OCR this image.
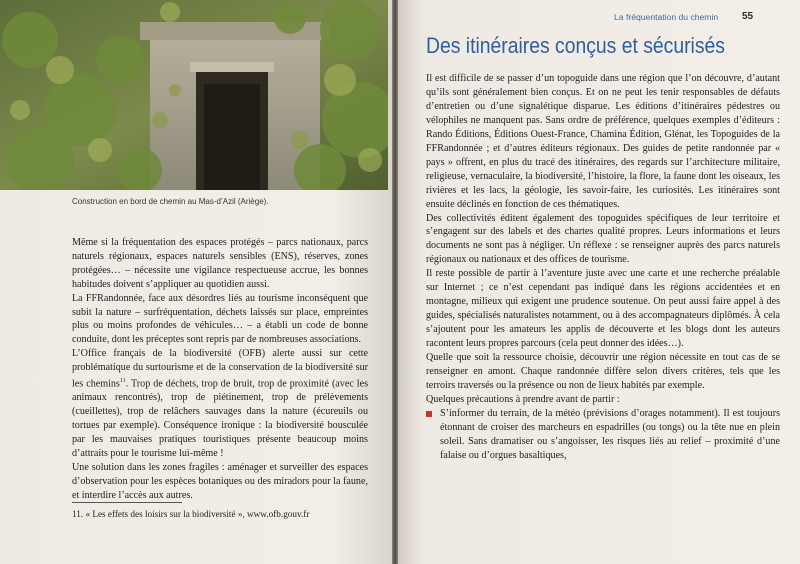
Construction en bord de chemin au Mas-d’Azil (Ariège).

Même si la fréquentation des espaces protégés – parcs nationaux, parcs naturels régionaux, espaces naturels sensibles (ENS), réserves, zones protégées… – nécessite une vigilance respectueuse accrue, les bonnes habitudes doivent s’appliquer au quotidien aussi.

La FFRandonnée, face aux désordres liés au tourisme inconséquent que subit la nature – surfréquentation, déchets laissés sur place, empreintes plus ou moins profondes de véhicules… – a établi un code de bonne conduite, dont les préceptes sont repris par de nombreuses associations.

L’Office français de la biodiversité (OFB) alerte aussi sur cette problématique du surtourisme et de la conservation de la biodiversité sur les chemins$^{11}$. Trop de déchets, trop de bruit, trop de proximité (avec les animaux rencontrés), trop de piétinement, trop de prélèvements (cueillettes), trop de relâchers sauvages dans la nature (écureuils ou tortues par exemple). Conséquence ironique : la biodiversité bousculée par les mauvaises pratiques touristiques présente beaucoup moins d’attraits pour le tourisme lui-même !

Une solution dans les zones fragiles : aménager et surveiller des espaces d’observation pour les espèces botaniques ou des miradors pour la faune, et interdire l’accès aux autres.

11. « Les effets des loisirs sur la biodiversité », www.ofb.gouv.fr
La fréquentation du chemin 55
Des itinéraires conçus et sécurisés

Il est difficile de se passer d’un topoguide dans une région que l’on découvre, d’autant qu’ils sont généralement bien conçus. Et on ne peut les tenir responsables de défauts d’entretien ou d’une signalétique disparue. Les éditions d’itinéraires pédestres ou vélophiles ne manquent pas. Sans ordre de préférence, quelques exemples d’éditeurs : Rando Éditions, Éditions Ouest-France, Chamina Édition, Glénat, les Topoguides de la FFRandonnée ; et d’autres éditeurs régionaux. Des guides de petite randonnée par « pays » offrent, en plus du tracé des itinéraires, des regards sur l’architecture militaire, religieuse, vernaculaire, la biodiversité, l’histoire, la flore, la faune dont les oiseaux, les rivières et les lacs, la géologie, les savoir-faire, les curiosités. Les itinéraires sont ensuite déclinés en fonction de ces thématiques.

Des collectivités éditent également des topoguides spécifiques de leur territoire et s’engagent sur des labels et des chartes qualité propres. Leurs informations et leurs documents ne sont pas à négliger. Un réflexe : se renseigner auprès des parcs naturels régionaux ou nationaux et des offices de tourisme.

Il reste possible de partir à l’aventure juste avec une carte et une recherche préalable sur Internet ; ce n’est cependant pas indiqué dans les régions accidentées et en montagne, milieux qui exigent une prudence soutenue. On peut aussi faire appel à des guides, spécialisés naturalistes notamment, ou à des accompagnateurs diplômés. À cela s’ajoutent pour les amateurs les applis de découverte et les blogs dont les auteurs racontent leurs propres parcours (cela peut donner des idées…).

Quelle que soit la ressource choisie, découvrir une région nécessite en tout cas de se renseigner en amont. Chaque randonnée diffère selon divers critères, tels que les terroirs traversés ou la présence ou non de lieux habités par exemple.

Quelques précautions à prendre avant de partir :

S’informer du terrain, de la météo (prévisions d’orages notamment). Il est toujours étonnant de croiser des marcheurs en espadrilles (ou tongs) ou la tête nue en plein soleil. Sans dramatiser ou s’angoisser, les risques liés au relief – proximité d’une falaise ou d’orgues basaltiques,
